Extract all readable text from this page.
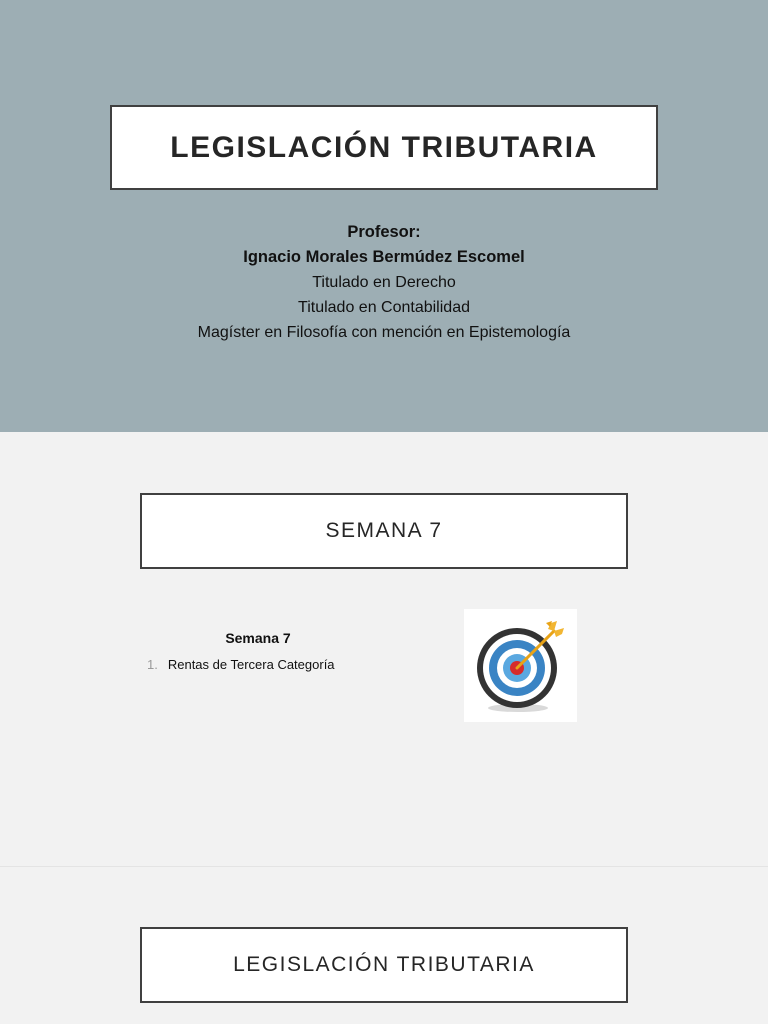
LEGISLACIÓN TRIBUTARIA
Profesor:
Ignacio Morales Bermúdez Escomel
Titulado en Derecho
Titulado en Contabilidad
Magíster en Filosofía con mención en Epistemología
SEMANA 7
Semana 7
1. Rentas de Tercera Categoría
LEGISLACIÓN TRIBUTARIA
